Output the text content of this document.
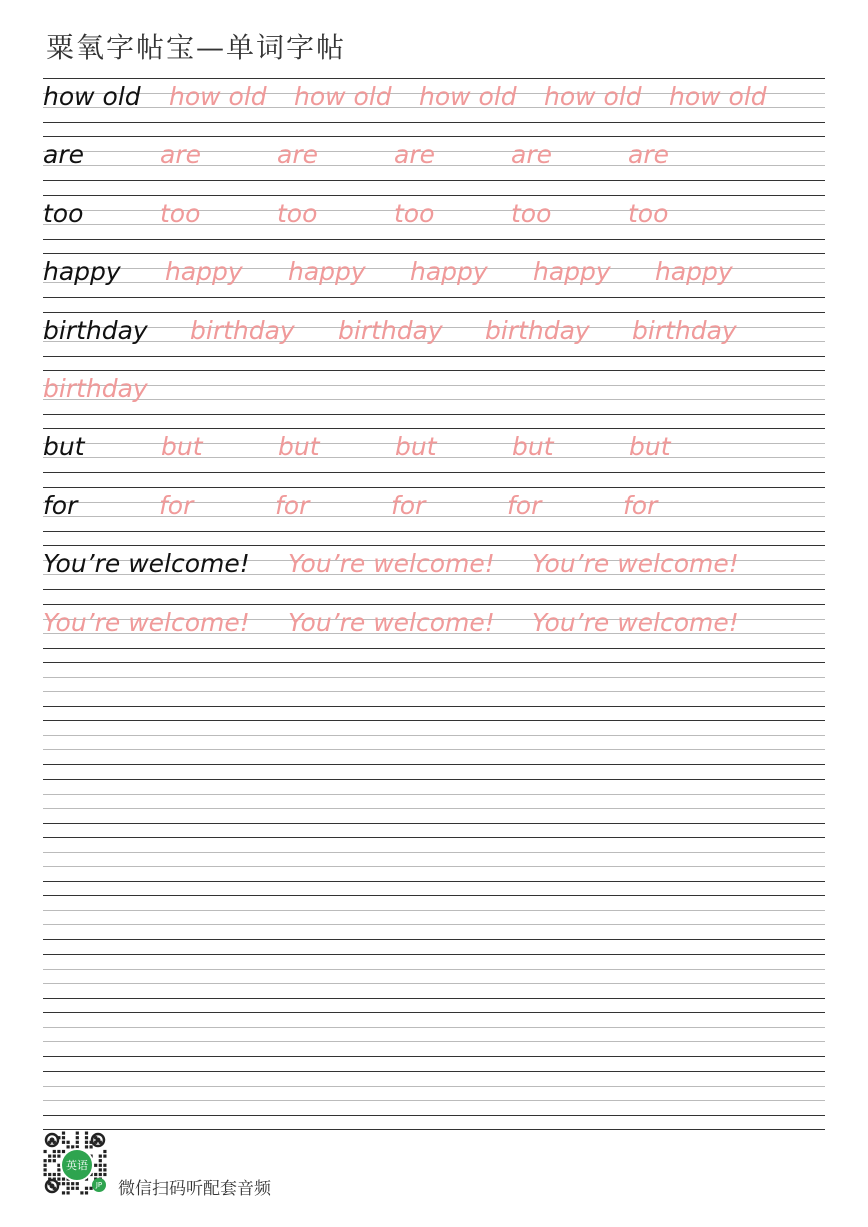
粟氧字帖宝—单词字帖
how old how old how old how old how old how old
are	are	are	are	are	are
too	too	too	too	too	too
happy happy happy happy happy happy
birthday birthday birthday birthday birthday
birthday
but	but	but	but	but	but
for	for	for	for	for	for
You’re welcome! You’re welcome! You’re welcome!
You’re welcome! You’re welcome! You’re welcome!
英语
JP 微信扫码听配套音频
